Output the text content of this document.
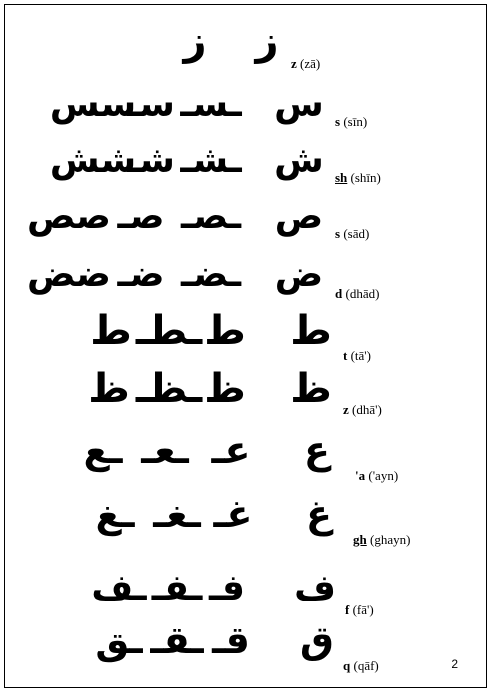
ز ز z (zā)
سس
سـ ـسـ س s (sīn)
شش
شـ ـشـ ش sh (shīn)
صص صـ ـصـ ص s (sād)
ضض ضـ ـضـ ض d (dhād)
ط ـطـ ط ط
t (tā')
ظ ـظـ ظ ظ z (dhā')
ـع ـعـ عـ ع
'a ('ayn)
ـغ ـغـ غـ غ
gh (ghayn)
ـف ـفـ فـ ف
f (fā')
ـق ـقـ قـ ق
q (qāf)	2
